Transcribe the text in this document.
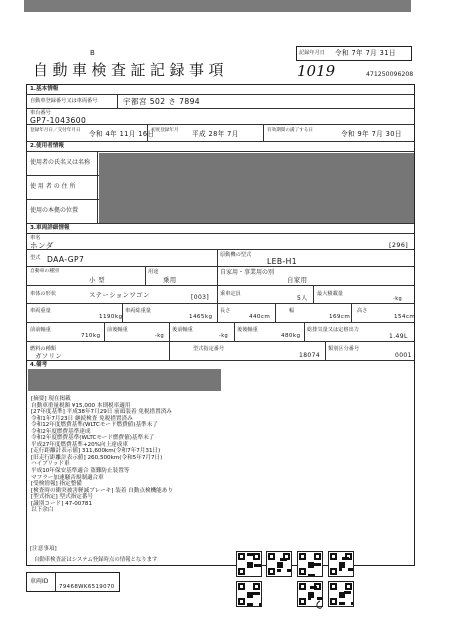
記録年月日 令和 7年 7月 31日
B
自動車検査証記録事項	1019	471250096208
1.基本情報
自動車登録番号又は車両番号	宇都宮 502 さ 7894
車台番号
GP7-1043600
登録年月日／交付年月日 令和 4年 11月 16日
初度登録年月 平成 28年 7月	有効期間の満了する日	令和 9年 7月 30日
2.使用者情報
使用者の氏名又は名称
使 用 者 の 住 所
使用の本拠の位置
3.車両詳細情報
車名
ホンダ	[296]
型式 DAA-GP7	原動機の型式
LEB-H1
自動車の種別
小 型
用途
乗用
自家用・事業用の別
自家用
車体の形状	ステーションワゴン	[003] 乗車定員
5人
最大積載量
-kg
車両重量
1190kg
車両総重量
1465kg
長さ
440cm
幅
169cm
高さ
154cm
前前軸重
710kg
前後軸重
-kg
後前軸重
-kg
後後軸重
480kg
総排気量又は定格出力
1.49L
燃料の種類
ガソリン
型式指定番号
18074
類別区分番号
0001
4.備考
[摘要] 現在掲載
自動車重量税額 ¥15,000 本則税率適用
[27年度基準] 平成38年7月29日 前頭装着 免税措置済み
令和1年7月23日 継続検査 免税措置済み
令和12年度燃費基準(WLTCモード燃費値)基準未了
令和2年度燃費基準達成
令和2年度燃費基準(WLTCモード燃費値)基準未了
平成27年度燃費基準+20%向上達成車
[走行距離計表示値] 311,600km(令和7年7月31日)
[旧走行距離計表示値] 260,500km(令和5年7月7日)
ハイブリッド車
平成10年保安基準適合 盗難防止装置等
マフラー加速騒音規制適合車
[受検情報] 指定整備
[検査時の衝突被害軽減ブレーキ] 装着 自動点検機能あり
[型式指定] 型式指定番号
[識別コード] 47-00781
以下余白
[注意事項]
自動車検査証はシステム登録時点の情報となります
車両ID
79468WK6519070
